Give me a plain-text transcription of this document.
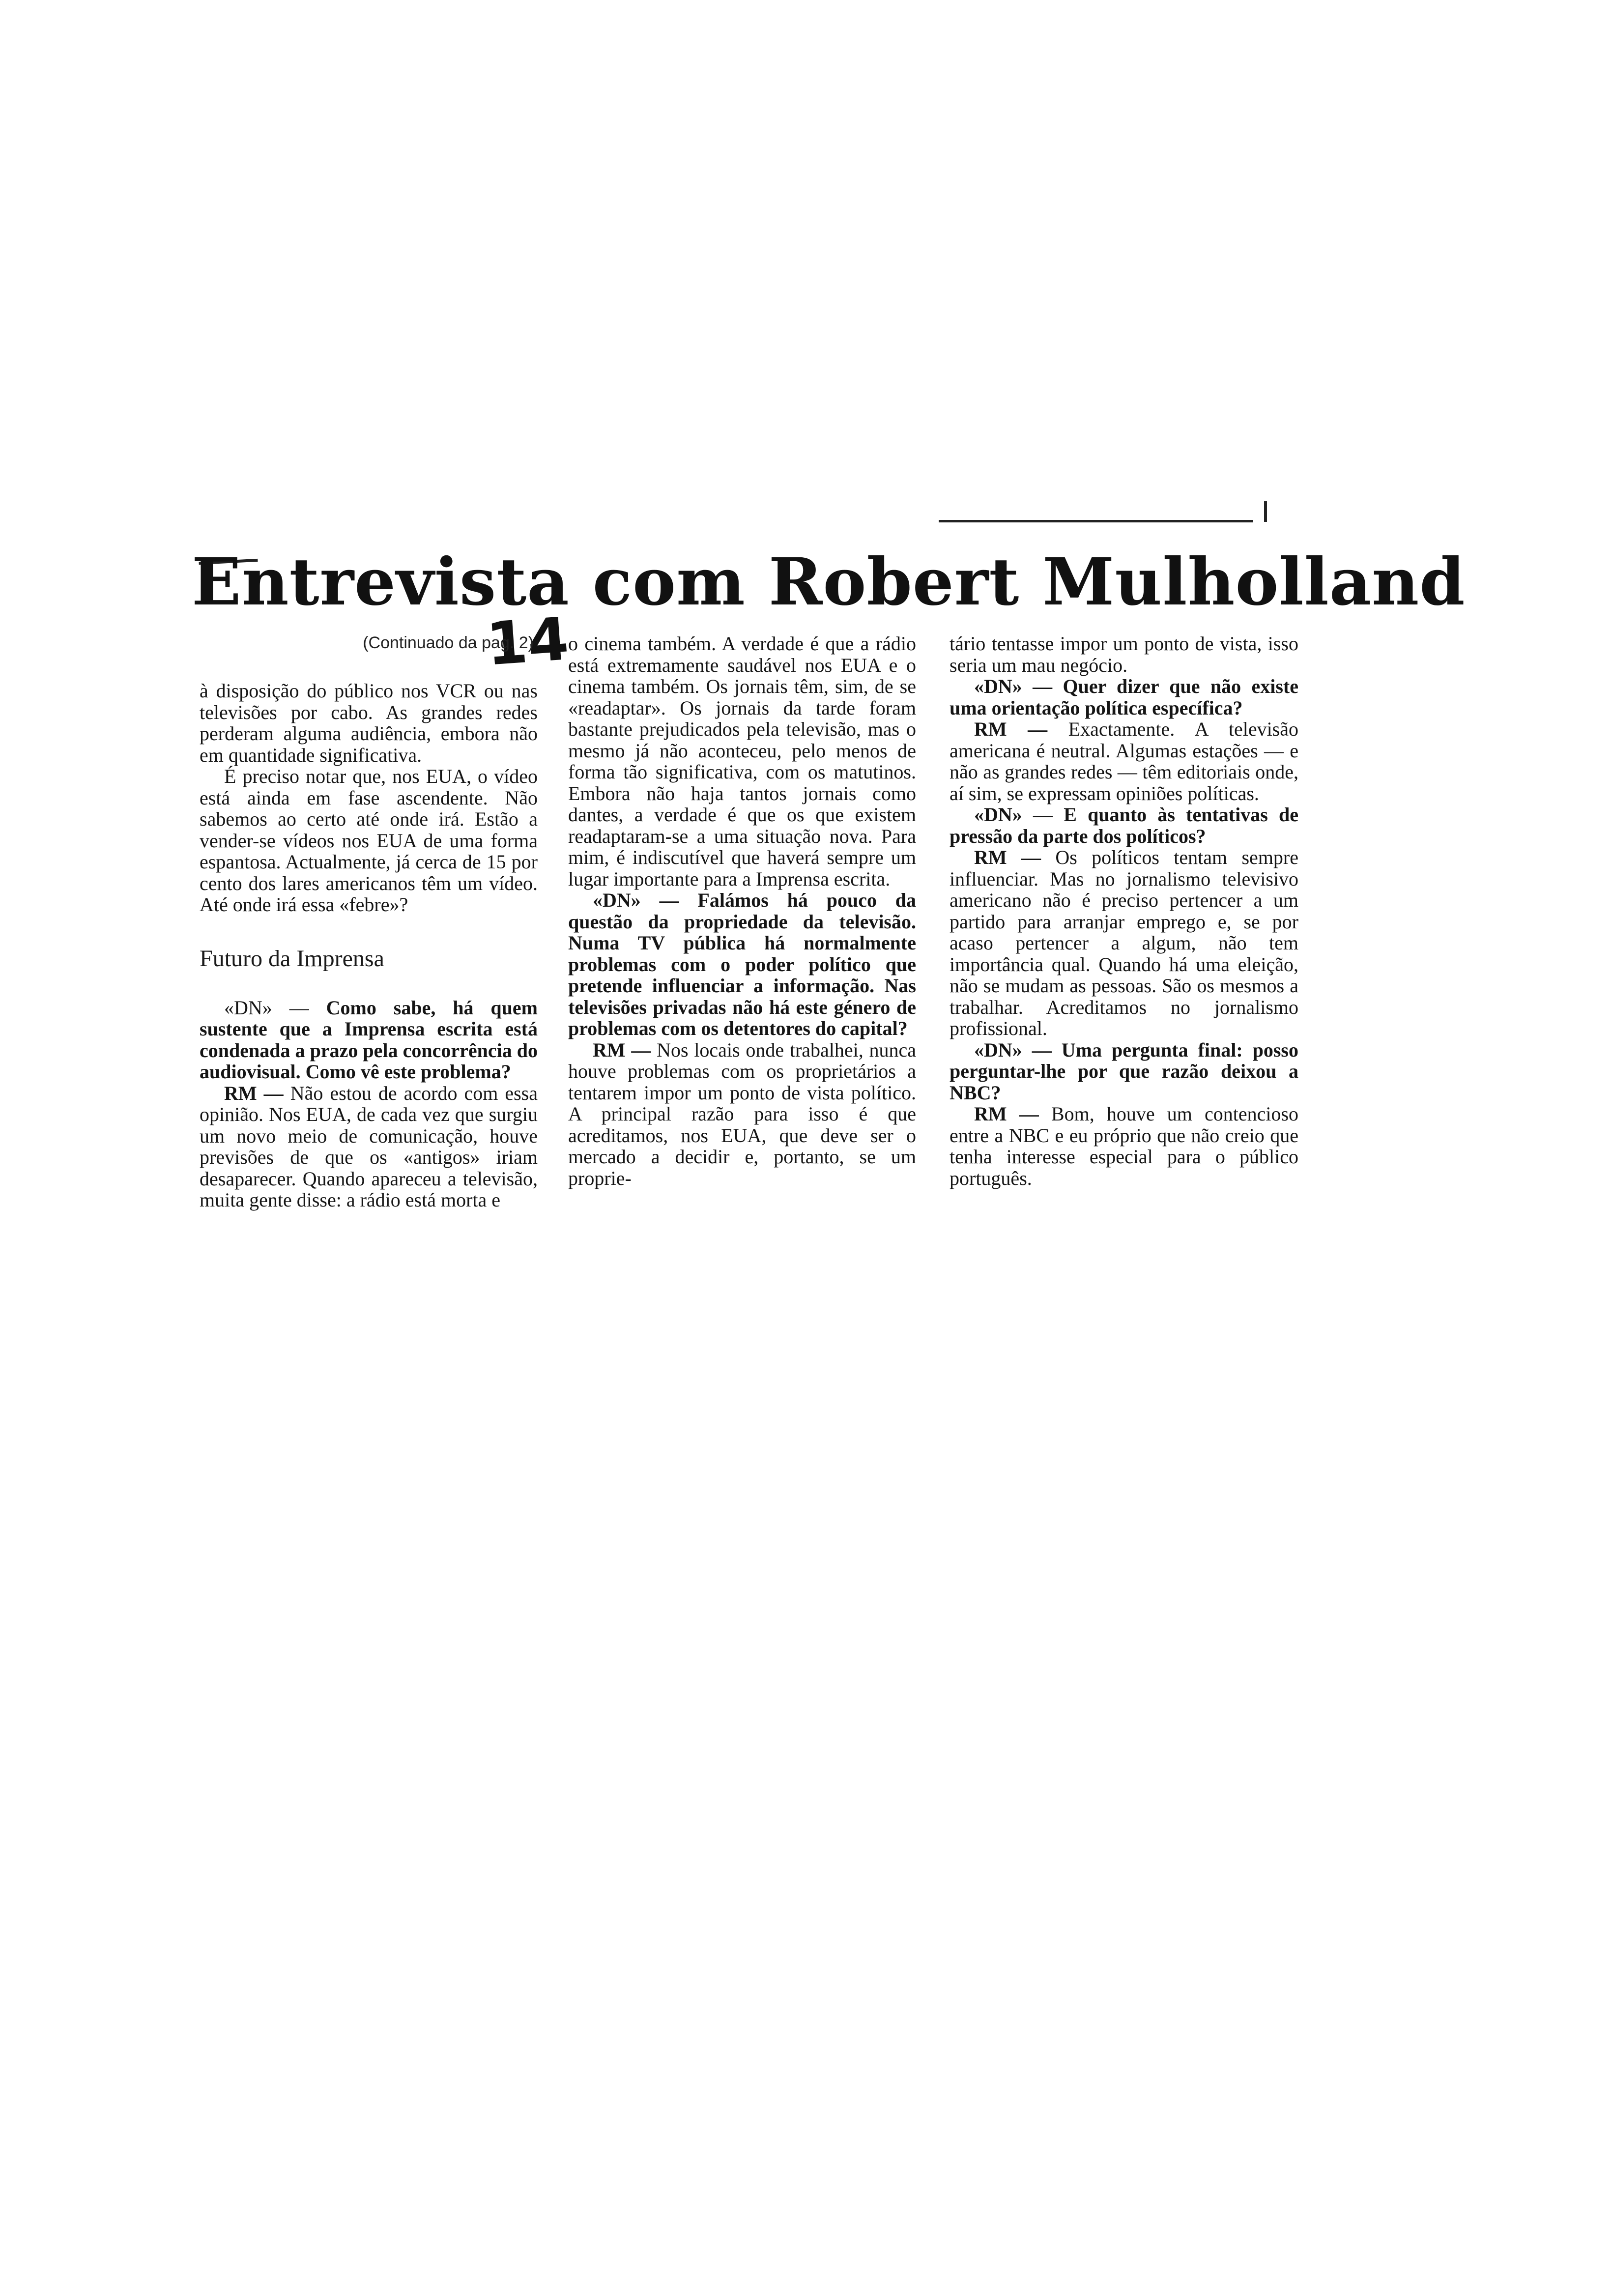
Entrevista com Robert Mulholland
14
(Continuado da pag. 2)

à disposição do público nos VCR ou nas televisões por cabo. As grandes redes perderam alguma audiência, embora não em quantidade significativa.

É preciso notar que, nos EUA, o vídeo está ainda em fase ascendente. Não sabemos ao certo até onde irá. Estão a vender-se vídeos nos EUA de uma forma espantosa. Actualmente, já cerca de 15 por cento dos lares americanos têm um vídeo. Até onde irá essa «febre»?

Futuro da Imprensa

«DN» — Como sabe, há quem sustente que a Imprensa escrita está condenada a prazo pela concorrência do audiovisual. Como vê este problema?

RM — Não estou de acordo com essa opinião. Nos EUA, de cada vez que surgiu um novo meio de comunicação, houve previsões de que os «antigos» iriam desaparecer. Quando apareceu a televisão, muita gente disse: a rádio está morta e

o cinema também. A verdade é que a rádio está extremamente saudável nos EUA e o cinema também. Os jornais têm, sim, de se «readaptar». Os jornais da tarde foram bastante prejudicados pela televisão, mas o mesmo já não aconteceu, pelo menos de forma tão significativa, com os matutinos. Embora não haja tantos jornais como dantes, a verdade é que os que existem readaptaram-se a uma situação nova. Para mim, é indiscutível que haverá sempre um lugar importante para a Imprensa escrita.

«DN» — Falámos há pouco da questão da propriedade da televisão. Numa TV pública há normalmente problemas com o poder político que pretende influenciar a informação. Nas televisões privadas não há este género de problemas com os detentores do capital?

RM — Nos locais onde trabalhei, nunca houve problemas com os proprietários a tentarem impor um ponto de vista político. A principal razão para isso é que acreditamos, nos EUA, que deve ser o mercado a decidir e, portanto, se um proprie-

tário tentasse impor um ponto de vista, isso seria um mau negócio.

«DN» — Quer dizer que não existe uma orientação política específica?

RM — Exactamente. A televisão americana é neutral. Algumas estações — e não as grandes redes — têm editoriais onde, aí sim, se expressam opiniões políticas.

«DN» — E quanto às tentativas de pressão da parte dos políticos?

RM — Os políticos tentam sempre influenciar. Mas no jornalismo televisivo americano não é preciso pertencer a um partido para arranjar emprego e, se por acaso pertencer a algum, não tem importância qual. Quando há uma eleição, não se mudam as pessoas. São os mesmos a trabalhar. Acreditamos no jornalismo profissional.

«DN» — Uma pergunta final: posso perguntar-lhe por que razão deixou a NBC?

RM — Bom, houve um contencioso entre a NBC e eu próprio que não creio que tenha interesse especial para o público português.
